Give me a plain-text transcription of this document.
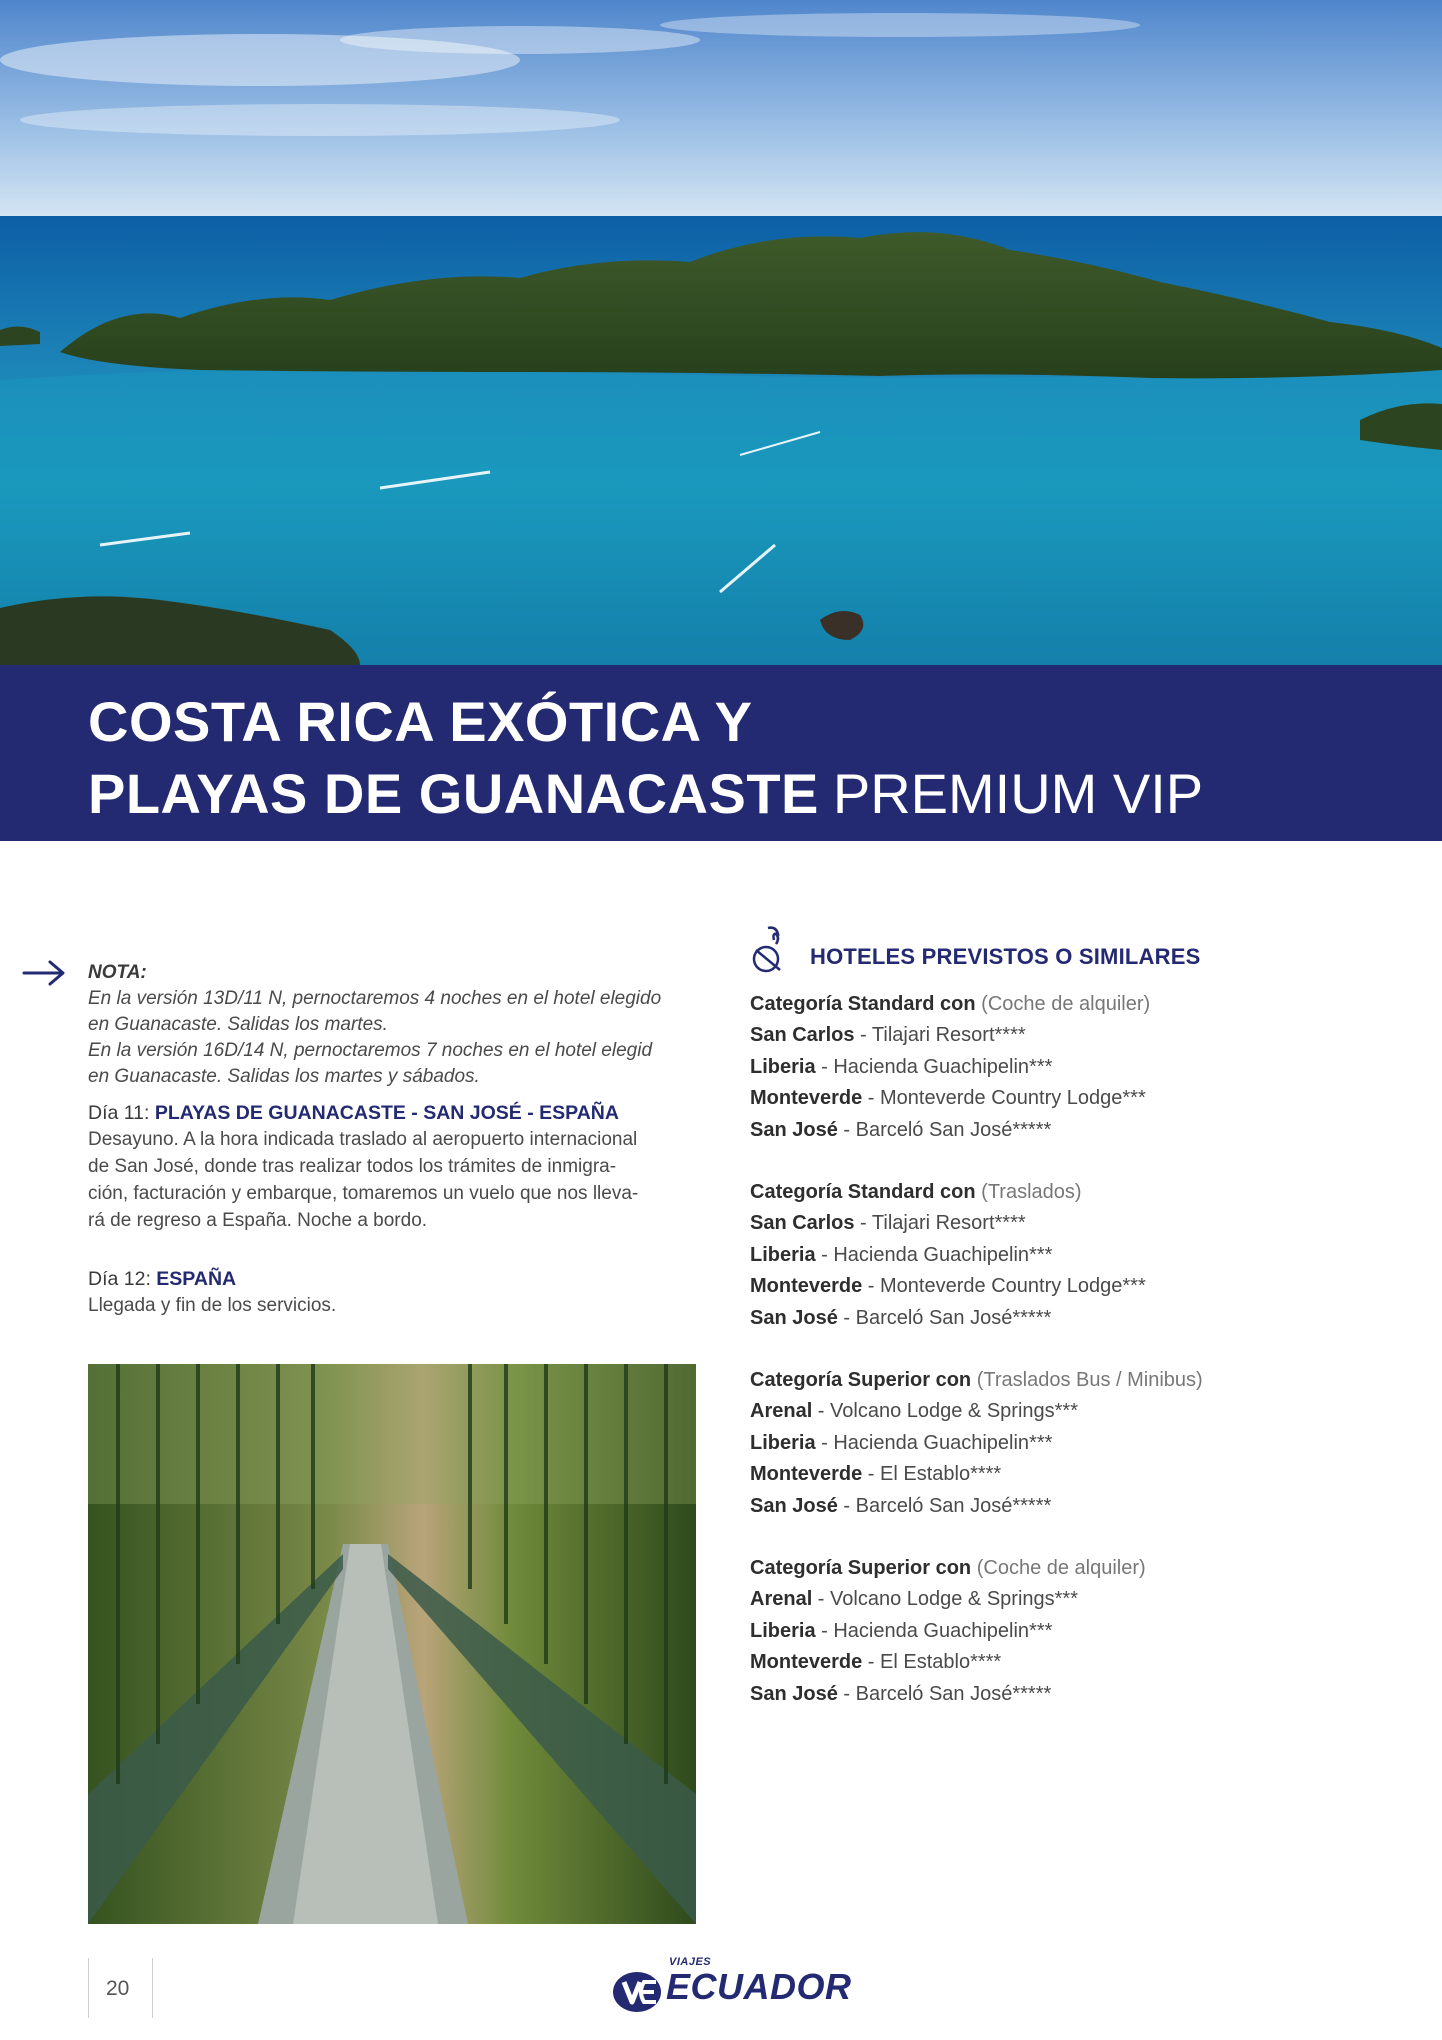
COSTA RICA EXÓTICA Y
PLAYAS DE GUANACASTE PREMIUM VIP
NOTA:
En la versión 13D/11 N, pernoctaremos 4 noches en el hotel elegido
en Guanacaste. Salidas los martes.
En la versión 16D/14 N, pernoctaremos 7 noches en el hotel elegid
en Guanacaste. Salidas los martes y sábados.
Día 11: PLAYAS DE GUANACASTE - SAN JOSÉ - ESPAÑA
Desayuno. A la hora indicada traslado al aeropuerto internacional
de San José, donde tras realizar todos los trámites de inmigra-
ción, facturación y embarque, tomaremos un vuelo que nos lleva-
rá de regreso a España. Noche a bordo.
Día 12: ESPAÑA
Llegada y fin de los servicios.
HOTELES PREVISTOS O SIMILARES
Categoría Standard con (Coche de alquiler)
San Carlos - Tilajari Resort****
Liberia - Hacienda Guachipelin***
Monteverde - Monteverde Country Lodge***
San José - Barceló San José*****
Categoría Standard con (Traslados)
San Carlos - Tilajari Resort****
Liberia - Hacienda Guachipelin***
Monteverde - Monteverde Country Lodge***
San José - Barceló San José*****
Categoría Superior con (Traslados Bus / Minibus)
Arenal - Volcano Lodge & Springs***
Liberia - Hacienda Guachipelin***
Monteverde - El Establo****
San José - Barceló San José*****
Categoría Superior con (Coche de alquiler)
Arenal - Volcano Lodge & Springs***
Liberia - Hacienda Guachipelin***
Monteverde - El Establo****
San José - Barceló San José*****
20
VIAJES
ECUADOR
